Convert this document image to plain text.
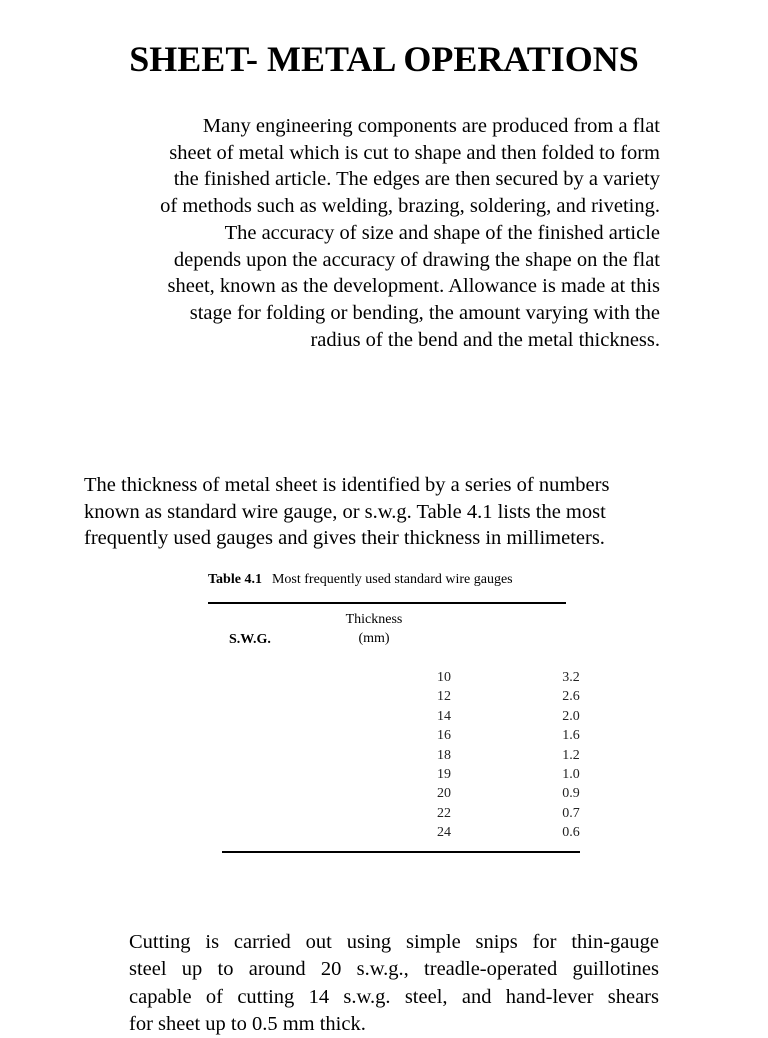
SHEET- METAL OPERATIONS

Many engineering components are produced from a flat
sheet of metal which is cut to shape and then folded to form
the finished article. The edges are then secured by a variety
of methods such as welding, brazing, soldering, and riveting.
The accuracy of size and shape of the finished article
depends upon the accuracy of drawing the shape on the flat
sheet, known as the development. Allowance is made at this
stage for folding or bending, the amount varying with the
radius of the bend and the metal thickness.

The thickness of metal sheet is identified by a series of numbers
known as standard wire gauge, or s.w.g. Table 4.1 lists the most
frequently used gauges and gives their thickness in millimeters.

Table 4.1 Most frequently used standard wire gauges
S.W.G.
Thickness
(mm)
10
12
14
16
18
19
20
22
24
3.2
2.6
2.0
1.6
1.2
1.0
0.9
0.7
0.6

Cutting is carried out using simple snips for thin-gauge
steel up to around 20 s.w.g., treadle-operated guillotines
capable of cutting 14 s.w.g. steel, and hand-lever shears
for sheet up to 0.5 mm thick.
